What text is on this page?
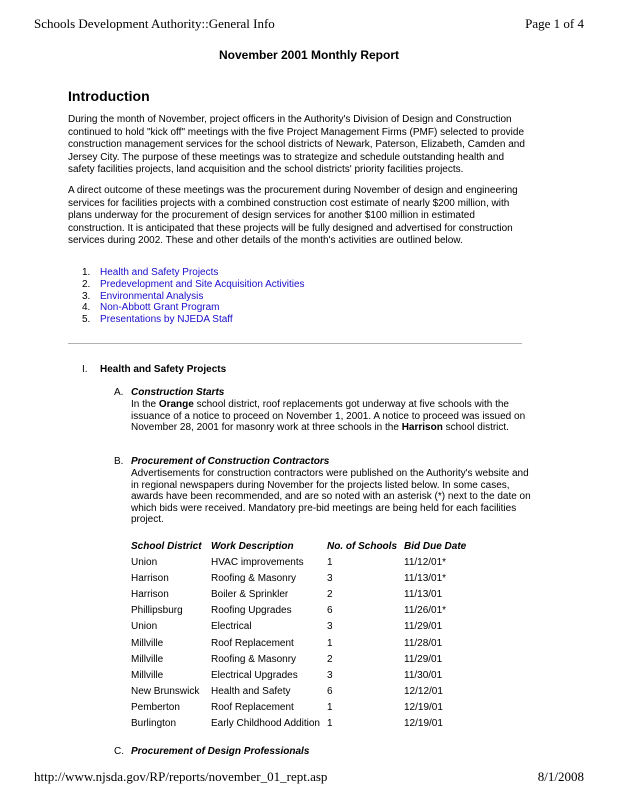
Schools Development Authority::General Info	Page 1 of 4
November 2001 Monthly Report
Introduction

During the month of November, project officers in the Authority's Division of Design and Construction continued to hold "kick off" meetings with the five Project Management Firms (PMF) selected to provide construction management services for the school districts of Newark, Paterson, Elizabeth, Camden and Jersey City. The purpose of these meetings was to strategize and schedule outstanding health and safety facilities projects, land acquisition and the school districts' priority facilities projects.

A direct outcome of these meetings was the procurement during November of design and engineering services for facilities projects with a combined construction cost estimate of nearly $200 million, with plans underway for the procurement of design services for another $100 million in estimated construction. It is anticipated that these projects will be fully designed and advertised for construction services during 2002. These and other details of the month's activities are outlined below.

1. Health and Safety Projects
2. Predevelopment and Site Acquisition Activities
3. Environmental Analysis
4. Non-Abbott Grant Program
5. Presentations by NJEDA Staff
I.	Health and Safety Projects
A. Construction Starts

In the Orange school district, roof replacements got underway at five schools with the issuance of a notice to proceed on November 1, 2001. A notice to proceed was issued on November 28, 2001 for masonry work at three schools in the Harrison school district.

B. Procurement of Construction Contractors

Advertisements for construction contractors were published on the Authority's website and in regional newspapers during November for the projects listed below. In some cases, awards have been recommended, and are so noted with an asterisk (*) next to the date on which bids were received. Mandatory pre-bid meetings are being held for each facilities project.

School District	Work Description	No. of Schools	Bid Due Date
Union	HVAC improvements	1	11/12/01*
Harrison	Roofing & Masonry	3	11/13/01*
Harrison	Boiler & Sprinkler	2	11/13/01
Phillipsburg	Roofing Upgrades	6	11/26/01*
Union	Electrical	3	11/29/01
Millville	Roof Replacement	1	11/28/01
Millville	Roofing & Masonry	2	11/29/01
Millville	Electrical Upgrades	3	11/30/01
New Brunswick	Health and Safety	6	12/12/01
Pemberton	Roof Replacement	1	12/19/01
Burlington	Early Childhood Addition	1	12/19/01
C. Procurement of Design Professionals
http://www.njsda.gov/RP/reports/november_01_rept.asp	8/1/2008
